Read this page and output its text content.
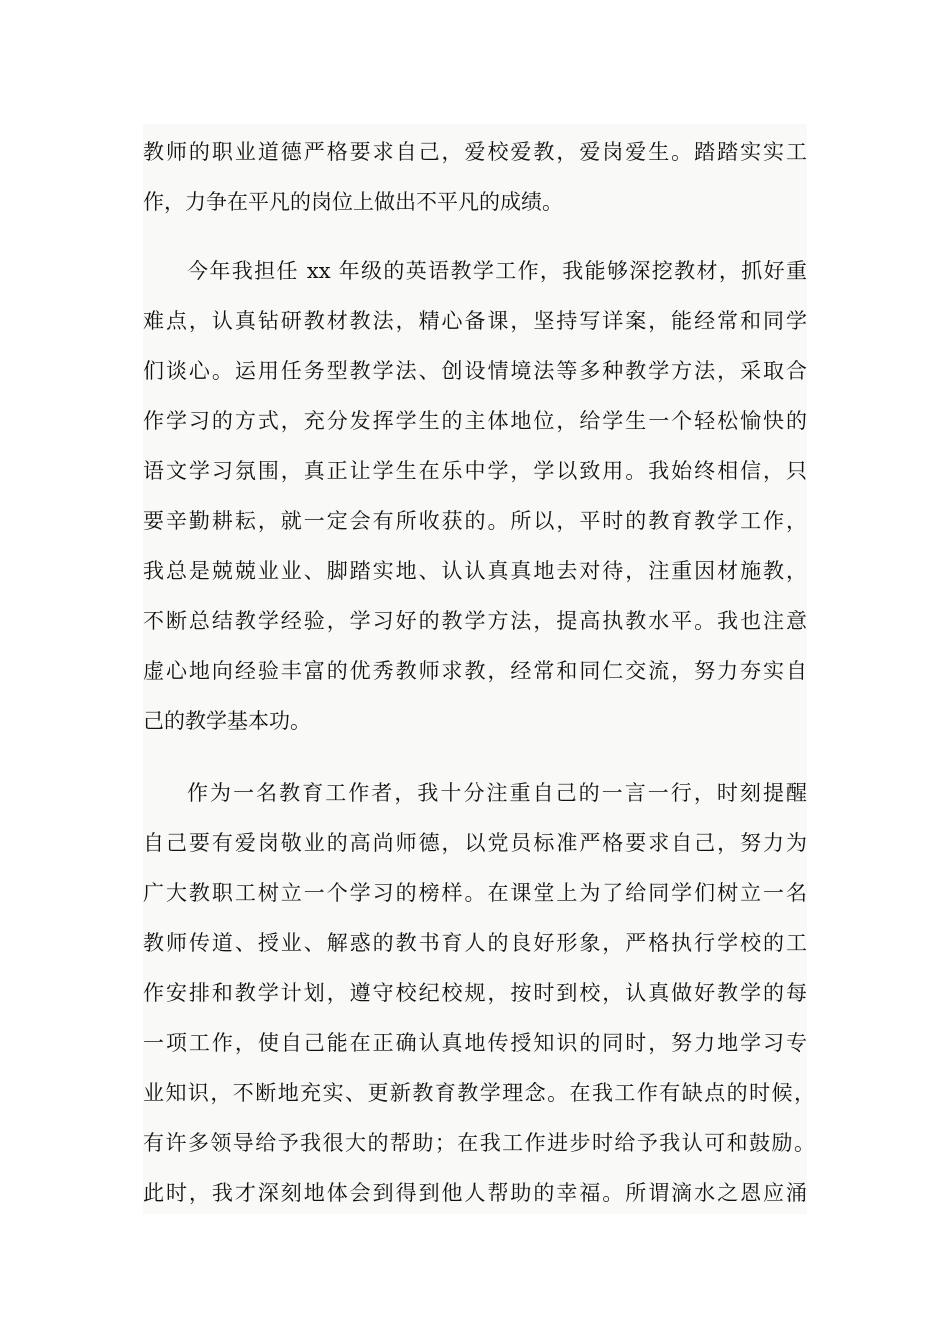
教师的职业道德严格要求自己，爱校爱教，爱岗爱生。踏踏实实工
作，力争在平凡的岗位上做出不平凡的成绩。
今年我担任 xx 年级的英语教学工作，我能够深挖教材，抓好重
难点，认真钻研教材教法，精心备课，坚持写详案，能经常和同学
们谈心。运用任务型教学法、创设情境法等多种教学方法，采取合
作学习的方式，充分发挥学生的主体地位，给学生一个轻松愉快的
语文学习氛围，真正让学生在乐中学，学以致用。我始终相信，只
要辛勤耕耘，就一定会有所收获的。所以，平时的教育教学工作，
我总是兢兢业业、脚踏实地、认认真真地去对待，注重因材施教，
不断总结教学经验，学习好的教学方法，提高执教水平。我也注意
虚心地向经验丰富的优秀教师求教，经常和同仁交流，努力夯实自
己的教学基本功。
作为一名教育工作者，我十分注重自己的一言一行，时刻提醒
自己要有爱岗敬业的高尚师德，以党员标准严格要求自己，努力为
广大教职工树立一个学习的榜样。在课堂上为了给同学们树立一名
教师传道、授业、解惑的教书育人的良好形象，严格执行学校的工
作安排和教学计划，遵守校纪校规，按时到校，认真做好教学的每
一项工作，使自己能在正确认真地传授知识的同时，努力地学习专
业知识，不断地充实、更新教育教学理念。在我工作有缺点的时候，
有许多领导给予我很大的帮助；在我工作进步时给予我认可和鼓励。
此时，我才深刻地体会到得到他人帮助的幸福。所谓滴水之恩应涌
